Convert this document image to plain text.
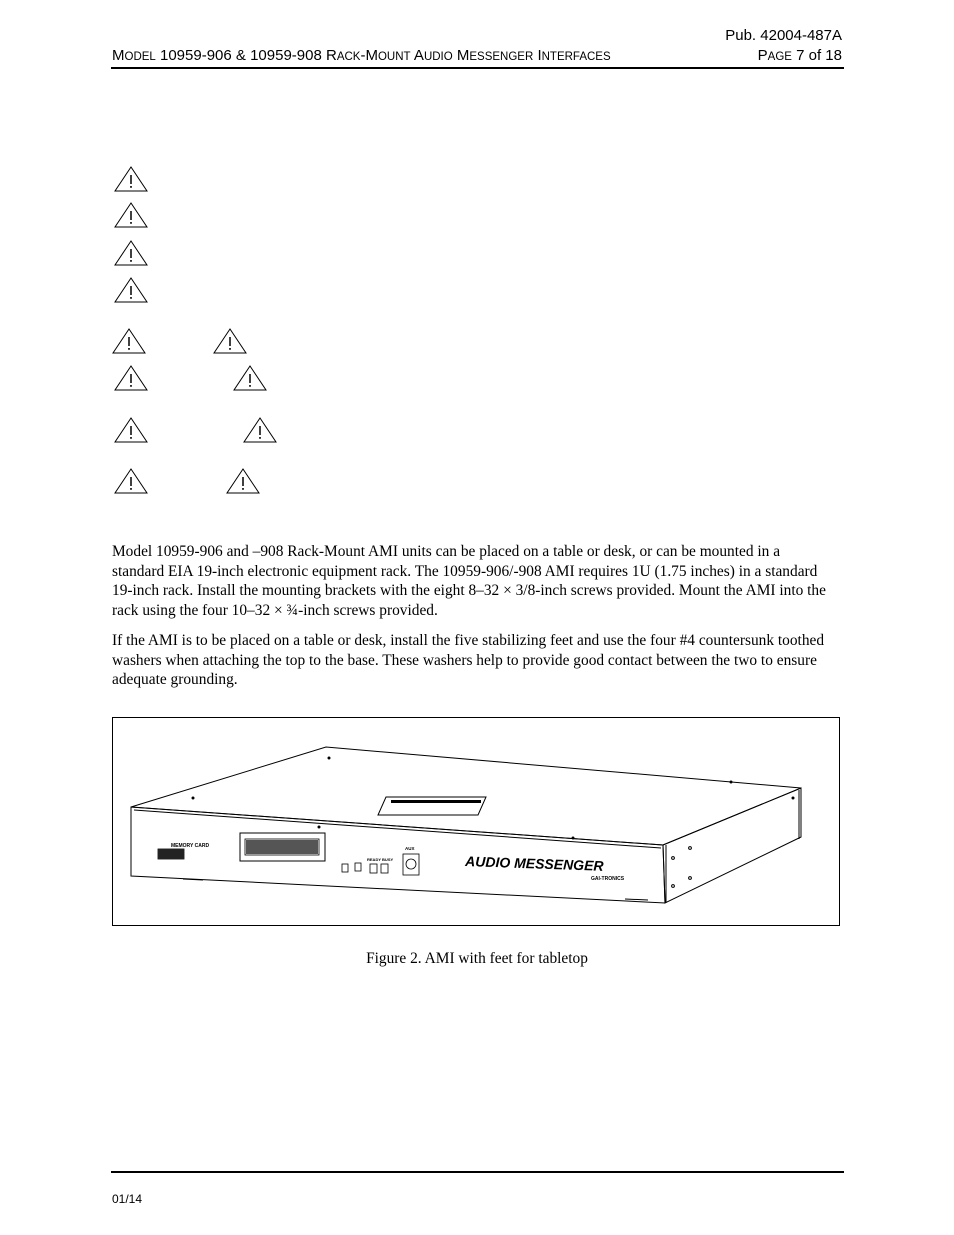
Pub. 42004-487A
MODEL 10959-906 & 10959-908 RACK-MOUNT AUDIO MESSENGER INTERFACES	PAGE 7 of 18

Model 10959-906 and –908 Rack-Mount AMI units can be placed on a table or desk, or can be mounted in a standard EIA 19-inch electronic equipment rack. The 10959-906/-908 AMI requires 1U (1.75 inches) in a standard 19-inch rack. Install the mounting brackets with the eight 8–32 × 3/8-inch screws provided. Mount the AMI into the rack using the four 10–32 × ¾-inch screws provided.

If the AMI is to be placed on a table or desk, install the five stabilizing feet and use the four #4 countersunk toothed washers when attaching the top to the base. These washers help to provide good contact between the two to ensure adequate grounding.

MEMORY CARD	AUX
READY BUSY	AUDIO MESSENGER
GAI-TRONICS
Figure 2. AMI with feet for tabletop
01/14
